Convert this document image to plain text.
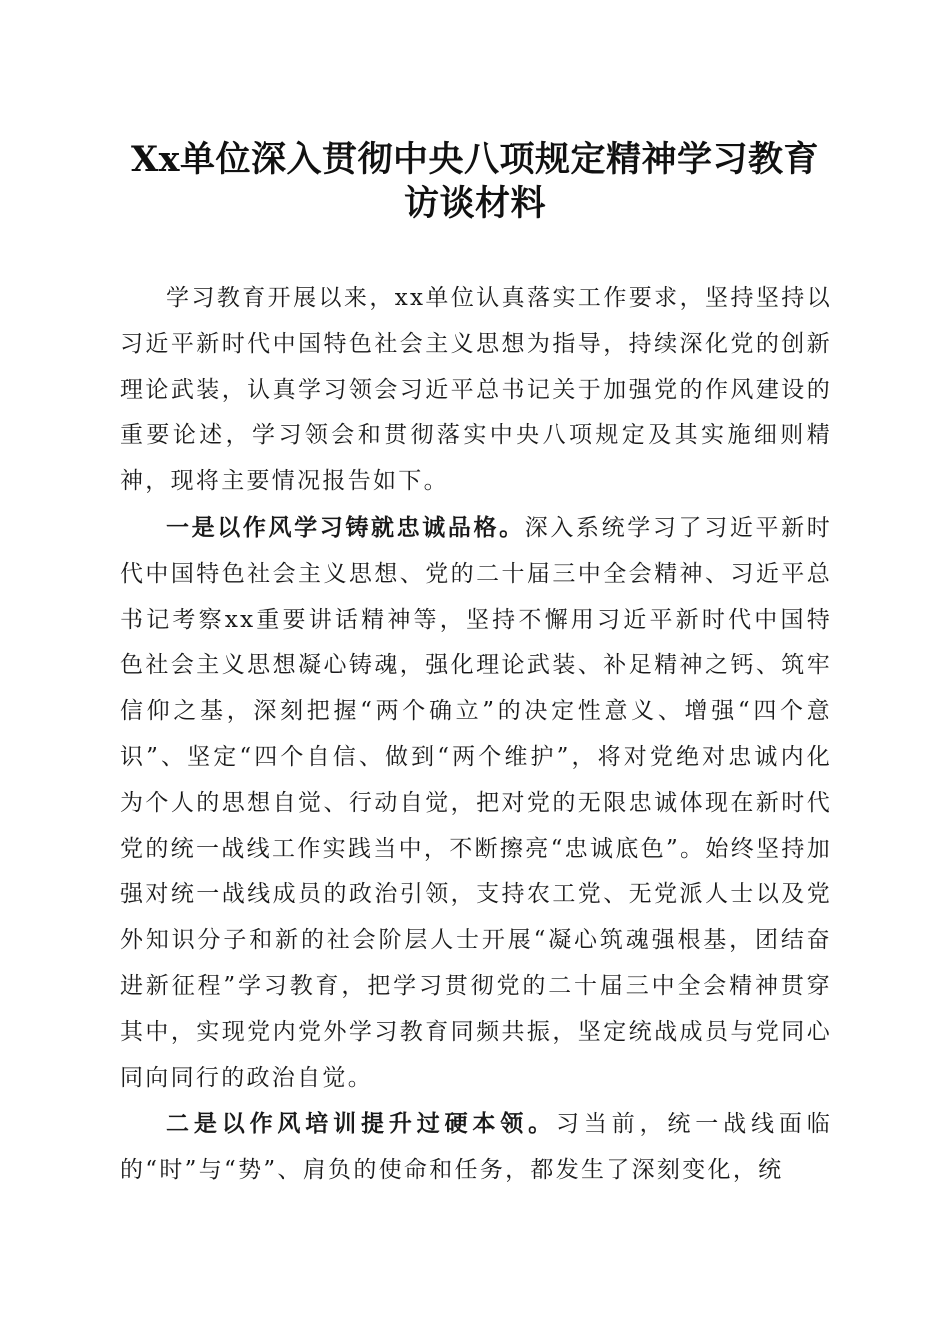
Xx单位深入贯彻中央八项规定精神学习教育
访谈材料

学习教育开展以来，xx单位认真落实工作要求，坚持坚持以习近平新时代中国特色社会主义思想为指导，持续深化党的创新理论武装，认真学习领会习近平总书记关于加强党的作风建设的重要论述，学习领会和贯彻落实中央八项规定及其实施细则精神，现将主要情况报告如下。

一是以作风学习铸就忠诚品格。深入系统学习了习近平新时代中国特色社会主义思想、党的二十届三中全会精神、习近平总书记考察xx重要讲话精神等，坚持不懈用习近平新时代中国特色社会主义思想凝心铸魂，强化理论武装、补足精神之钙、筑牢信仰之基，深刻把握“两个确立”的决定性意义、增强“四个意识”、坚定“四个自信、做到“两个维护”，将对党绝对忠诚内化为个人的思想自觉、行动自觉，把对党的无限忠诚体现在新时代党的统一战线工作实践当中，不断擦亮“忠诚底色”。始终坚持加强对统一战线成员的政治引领，支持农工党、无党派人士以及党外知识分子和新的社会阶层人士开展“凝心筑魂强根基，团结奋进新征程”学习教育，把学习贯彻党的二十届三中全会精神贯穿其中，实现党内党外学习教育同频共振，坚定统战成员与党同心同向同行的政治自觉。

二是以作风培训提升过硬本领。习当前，统一战线面临的“时”与“势”、肩负的使命和任务，都发生了深刻变化，统
